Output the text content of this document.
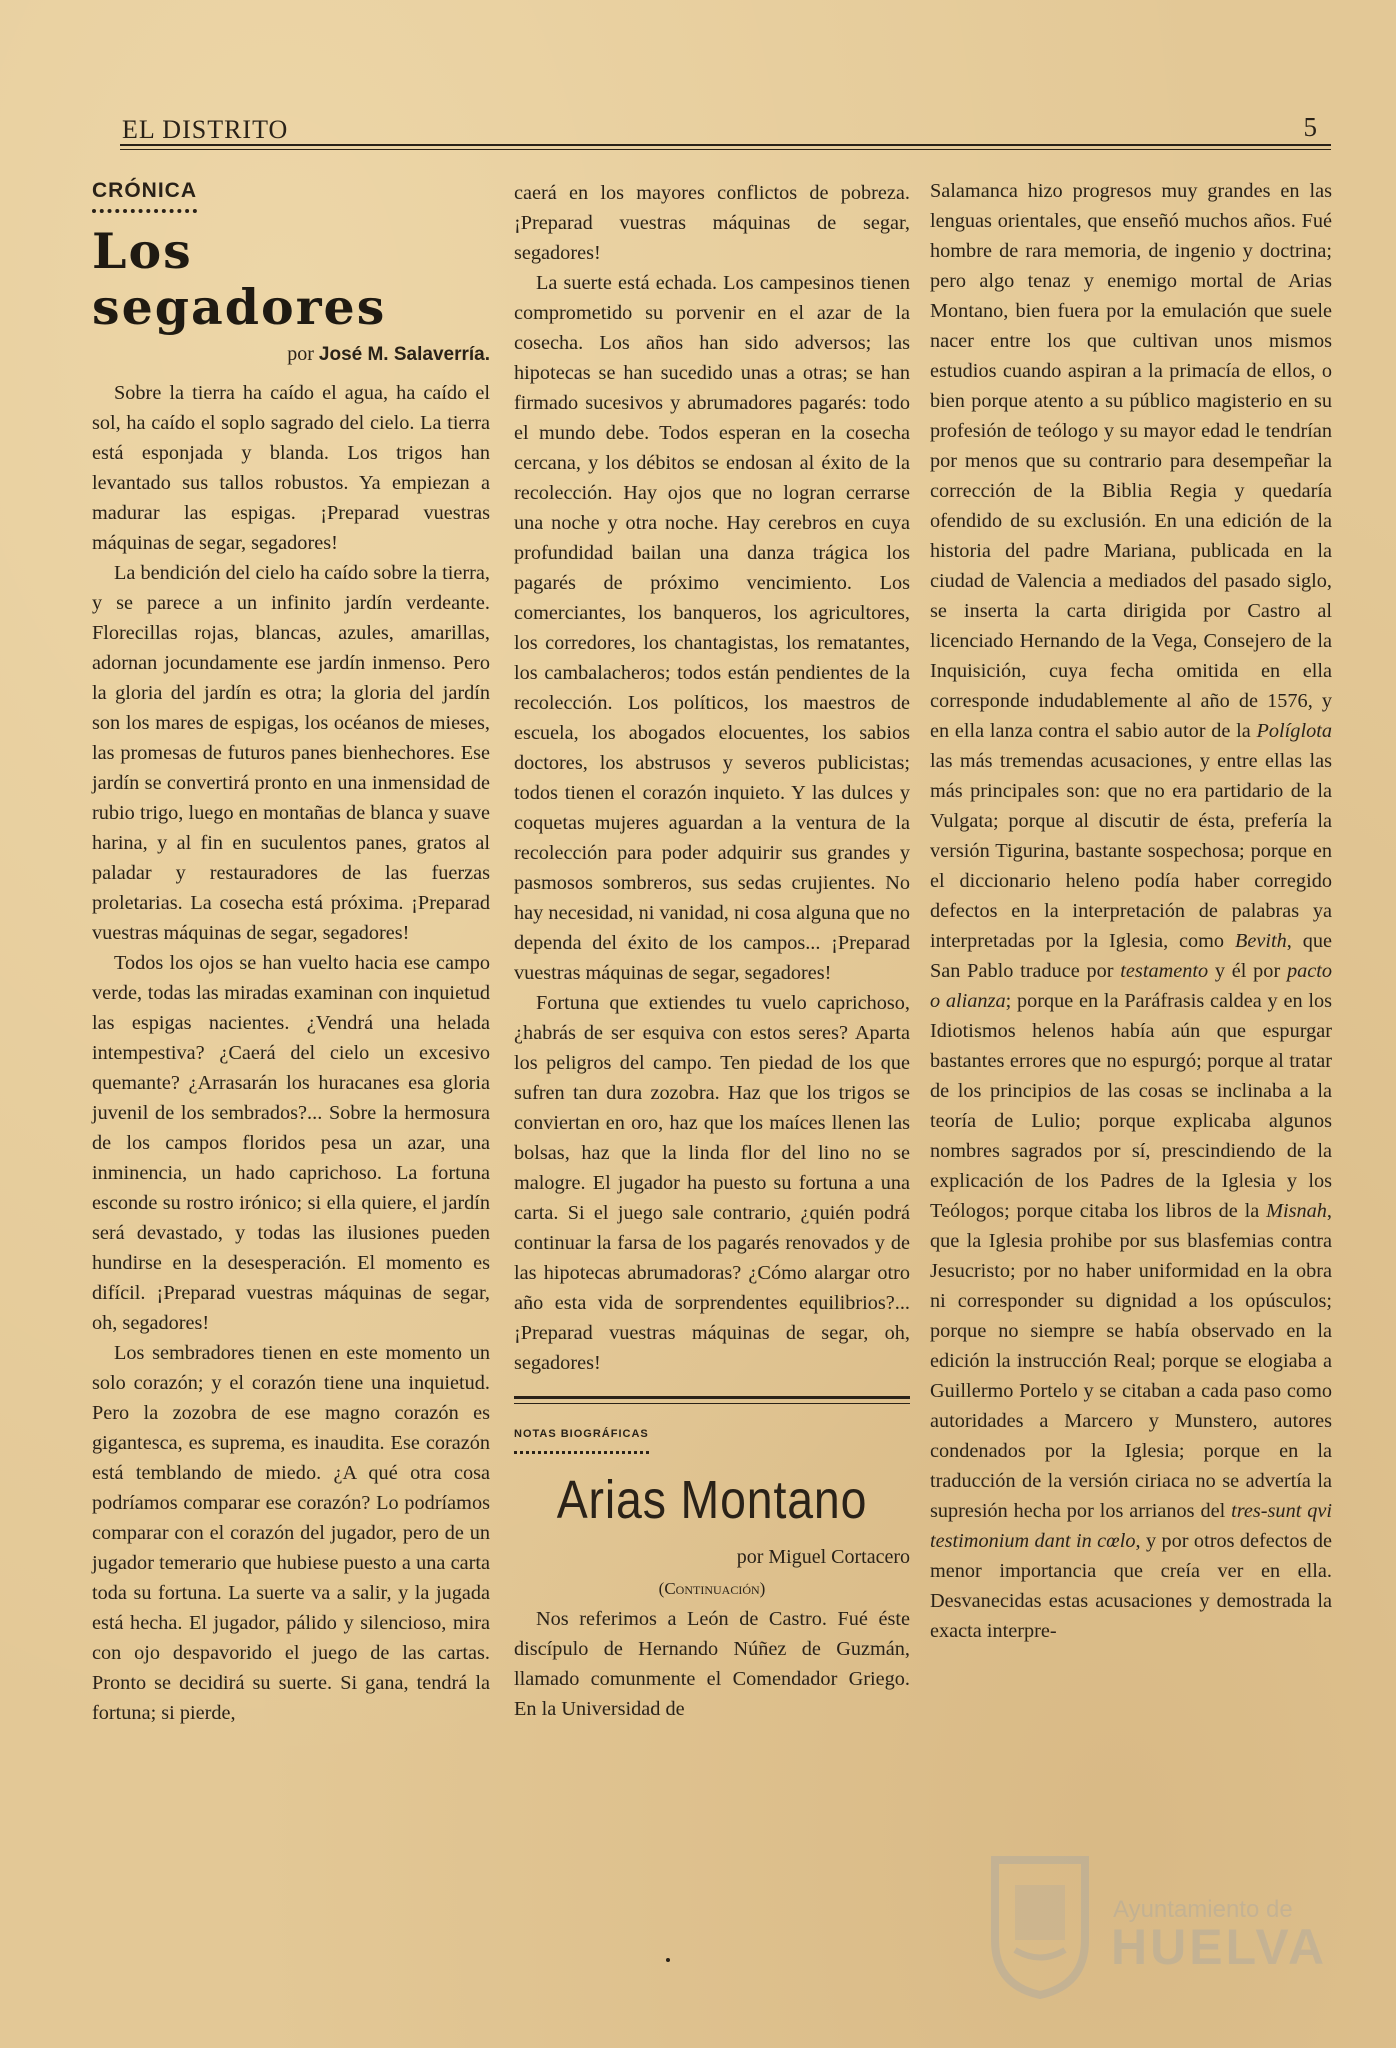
EL DISTRITO	5
CRÓNICA
Los segadores
por José M. Salaverría.

Sobre la tierra ha caído el agua, ha caído el sol, ha caído el soplo sagrado del cielo. La tierra está esponjada y blanda. Los trigos han levantado sus tallos robustos. Ya empiezan a madurar las espigas. ¡Preparad vuestras máquinas de segar, segadores!

La bendición del cielo ha caído sobre la tierra, y se parece a un infinito jardín verdeante. Florecillas rojas, blancas, azules, amarillas, adornan jocundamente ese jardín inmenso. Pero la gloria del jardín es otra; la gloria del jardín son los mares de espigas, los océanos de mieses, las promesas de futuros panes bienhechores. Ese jardín se convertirá pronto en una inmensidad de rubio trigo, luego en montañas de blanca y suave harina, y al fin en suculentos panes, gratos al paladar y restauradores de las fuerzas proletarias. La cosecha está próxima. ¡Preparad vuestras máquinas de segar, segadores!

Todos los ojos se han vuelto hacia ese campo verde, todas las miradas examinan con inquietud las espigas nacientes. ¿Vendrá una helada intempestiva? ¿Caerá del cielo un excesivo quemante? ¿Arrasarán los huracanes esa gloria juvenil de los sembrados?... Sobre la hermosura de los campos floridos pesa un azar, una inminencia, un hado caprichoso. La fortuna esconde su rostro irónico; si ella quiere, el jardín será devastado, y todas las ilusiones pueden hundirse en la desesperación. El momento es difícil. ¡Preparad vuestras máquinas de segar, oh, segadores!

Los sembradores tienen en este momento un solo corazón; y el corazón tiene una inquietud. Pero la zozobra de ese magno corazón es gigantesca, es suprema, es inaudita. Ese corazón está temblando de miedo. ¿A qué otra cosa podríamos comparar ese corazón? Lo podríamos comparar con el corazón del jugador, pero de un jugador temerario que hubiese puesto a una carta toda su fortuna. La suerte va a salir, y la jugada está hecha. El jugador, pálido y silencioso, mira con ojo despavorido el juego de las cartas. Pronto se decidirá su suerte. Si gana, tendrá la fortuna; si pierde,

caerá en los mayores conflictos de pobreza. ¡Preparad vuestras máquinas de segar, segadores!

La suerte está echada. Los campesinos tienen comprometido su porvenir en el azar de la cosecha. Los años han sido adversos; las hipotecas se han sucedido unas a otras; se han firmado sucesivos y abrumadores pagarés: todo el mundo debe. Todos esperan en la cosecha cercana, y los débitos se endosan al éxito de la recolección. Hay ojos que no logran cerrarse una noche y otra noche. Hay cerebros en cuya profundidad bailan una danza trágica los pagarés de próximo vencimiento. Los comerciantes, los banqueros, los agricultores, los corredores, los chantagistas, los rematantes, los cambalacheros; todos están pendientes de la recolección. Los políticos, los maestros de escuela, los abogados elocuentes, los sabios doctores, los abstrusos y severos publicistas; todos tienen el corazón inquieto. Y las dulces y coquetas mujeres aguardan a la ventura de la recolección para poder adquirir sus grandes y pasmosos sombreros, sus sedas crujientes. No hay necesidad, ni vanidad, ni cosa alguna que no dependa del éxito de los campos... ¡Preparad vuestras máquinas de segar, segadores!

Fortuna que extiendes tu vuelo caprichoso, ¿habrás de ser esquiva con estos seres? Aparta los peligros del campo. Ten piedad de los que sufren tan dura zozobra. Haz que los trigos se conviertan en oro, haz que los maíces llenen las bolsas, haz que la linda flor del lino no se malogre. El jugador ha puesto su fortuna a una carta. Si el juego sale contrario, ¿quién podrá continuar la farsa de los pagarés renovados y de las hipotecas abrumadoras? ¿Cómo alargar otro año esta vida de sorprendentes equilibrios?... ¡Preparad vuestras máquinas de segar, oh, segadores!

NOTAS BIOGRÁFICAS
Arias Montano
por Miguel Cortacero
(Continuación)

Nos referimos a León de Castro. Fué éste discípulo de Hernando Núñez de Guzmán, llamado comunmente el Comendador Griego. En la Universidad de

Salamanca hizo progresos muy grandes en las lenguas orientales, que enseñó muchos años. Fué hombre de rara memoria, de ingenio y doctrina; pero algo tenaz y enemigo mortal de Arias Montano, bien fuera por la emulación que suele nacer entre los que cultivan unos mismos estudios cuando aspiran a la primacía de ellos, o bien porque atento a su público magisterio en su profesión de teólogo y su mayor edad le tendrían por menos que su contrario para desempeñar la corrección de la Biblia Regia y quedaría ofendido de su exclusión. En una edición de la historia del padre Mariana, publicada en la ciudad de Valencia a mediados del pasado siglo, se inserta la carta dirigida por Castro al licenciado Hernando de la Vega, Consejero de la Inquisición, cuya fecha omitida en ella corresponde indudablemente al año de 1576, y en ella lanza contra el sabio autor de la Políglota las más tremendas acusaciones, y entre ellas las más principales son: que no era partidario de la Vulgata; porque al discutir de ésta, prefería la versión Tigurina, bastante sospechosa; porque en el diccionario heleno podía haber corregido defectos en la interpretación de palabras ya interpretadas por la Iglesia, como Bevith, que San Pablo traduce por testamento y él por pacto o alianza; porque en la Paráfrasis caldea y en los Idiotismos helenos había aún que espurgar bastantes errores que no espurgó; porque al tratar de los principios de las cosas se inclinaba a la teoría de Lulio; porque explicaba algunos nombres sagrados por sí, prescindiendo de la explicación de los Padres de la Iglesia y los Teólogos; porque citaba los libros de la Misnah, que la Iglesia prohibe por sus blasfemias contra Jesucristo; por no haber uniformidad en la obra ni corresponder su dignidad a los opúsculos; porque no siempre se había observado en la edición la instrucción Real; porque se elogiaba a Guillermo Portelo y se citaban a cada paso como autoridades a Marcero y Munstero, autores condenados por la Iglesia; porque en la traducción de la versión ciriaca no se advertía la supresión hecha por los arrianos del tres-sunt qvi testimonium dant in cœlo, y por otros defectos de menor importancia que creía ver en ella. Desvanecidas estas acusaciones y demostrada la exacta interpre-

Ayuntamiento de
HUELVA
